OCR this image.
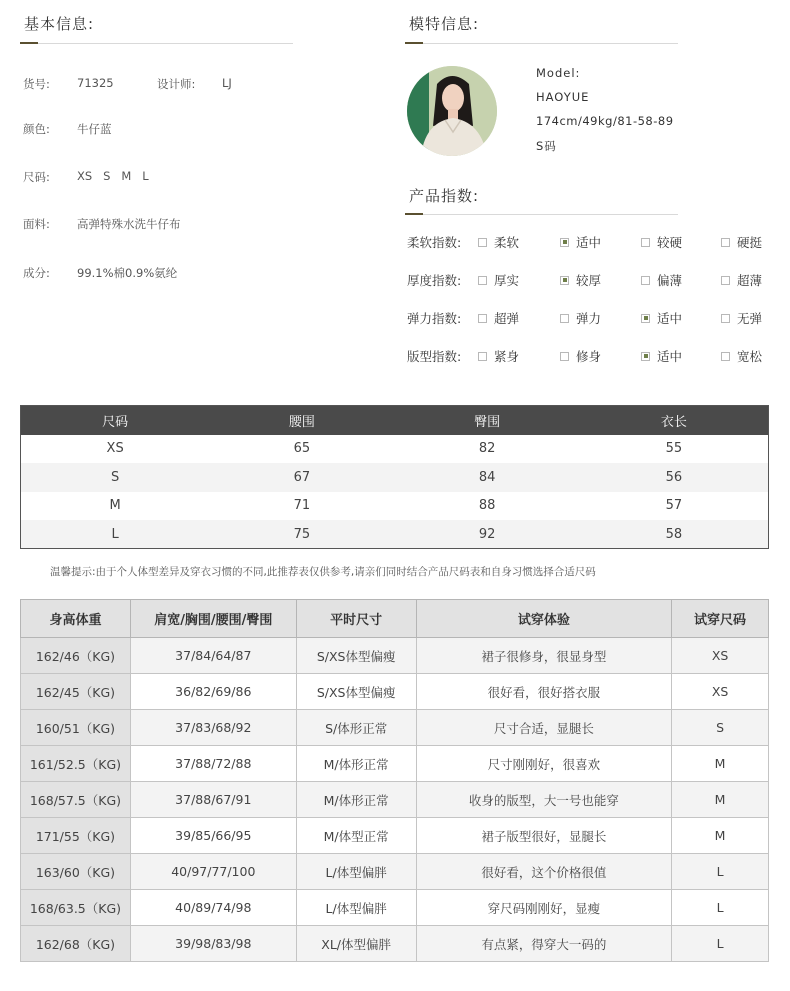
基本信息:
货号: 71325	设计师: LJ
颜色: 牛仔蓝
尺码: XS   S   M   L
面料: 高弹特殊水洗牛仔布
成分: 99.1%棉0.9%氨纶
模特信息:
Model:
HAOYUE
174cm/49kg/81-58-89
S码
产品指数:
柔软指数:	柔软	适中	较硬	硬挺
厚度指数:	厚实	较厚	偏薄	超薄
弹力指数:	超弹	弹力	适中	无弹
版型指数:	紧身	修身	适中	宽松
尺码	腰围	臀围	衣长
XS	65	82	55
S	67	84	56
M	71	88	57
L	75	92	58
温馨提示:由于个人体型差异及穿衣习惯的不同,此推荐表仅供参考,请亲们同时结合产品尺码表和自身习惯选择合适尺码
身高体重	肩宽/胸围/腰围/臀围	平时尺寸	试穿体验	试穿尺码
162/46（KG)	37/84/64/87	S/XS体型偏瘦	裙子很修身，很显身型	XS
162/45（KG)	36/82/69/86	S/XS体型偏瘦	很好看，很好搭衣服	XS
160/51（KG)	37/83/68/92	S/体形正常	尺寸合适，显腿长	S
161/52.5（KG)	37/88/72/88	M/体形正常	尺寸刚刚好，很喜欢	M
168/57.5（KG)	37/88/67/91	M/体形正常	收身的版型，大一号也能穿	M
171/55（KG)	39/85/66/95	M/体型正常	裙子版型很好，显腿长	M
163/60（KG)	40/97/77/100	L/体型偏胖	很好看，这个价格很值	L
168/63.5（KG)	40/89/74/98	L/体型偏胖	穿尺码刚刚好，显瘦	L
162/68（KG)	39/98/83/98	XL/体型偏胖	有点紧，得穿大一码的	L
